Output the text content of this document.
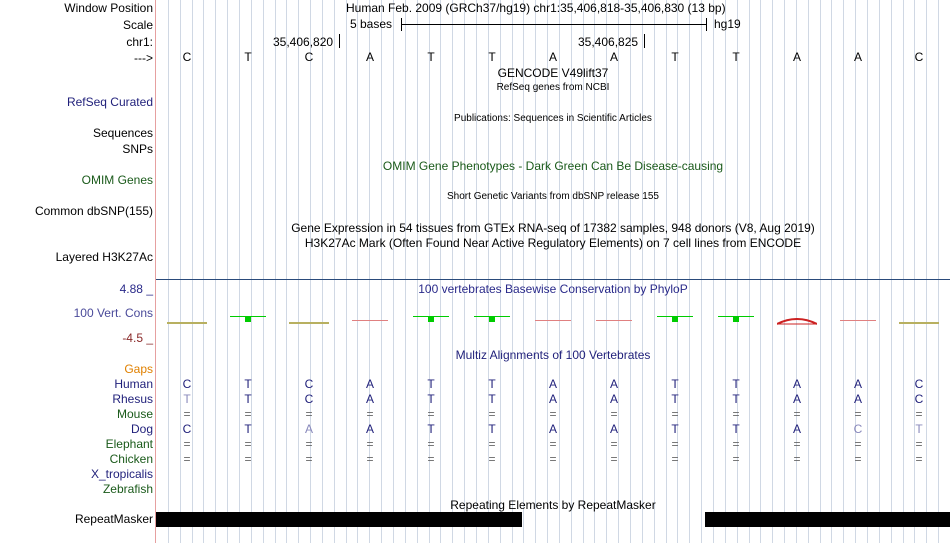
Window Position	Human Feb. 2009 (GRCh37/hg19) chr1:35,406,818-35,406,830 (13 bp)
Scale	5 bases	hg19
chr1:	35,406,820	35,406,825
--->	C	T	C	A	T	T	A	A	T	T	A	A	C
GENCODE V49lift37
RefSeq genes from NCBI
RefSeq Curated
Publications: Sequences in Scientific Articles
Sequences
SNPs
OMIM Gene Phenotypes - Dark Green Can Be Disease-causing
OMIM Genes
Short Genetic Variants from dbSNP release 155
Common dbSNP(155)
Gene Expression in 54 tissues from GTEx RNA-seq of 17382 samples, 948 donors (V8, Aug 2019)
H3K27Ac Mark (Often Found Near Active Regulatory Elements) on 7 cell lines from ENCODE
Layered H3K27Ac
4.88 _	100 vertebrates Basewise Conservation by PhyloP
100 Vert. Cons
-4.5 _
Multiz Alignments of 100 Vertebrates
Gaps
Human	C	T	C	A	T	T	A	A	T	T	A	A	C
Rhesus	T	T	C	A	T	T	A	A	T	T	A	A	C
Mouse	=	=	=	=	=	=	=	=	=	=	=	=	=
Dog	C	T	A	A	T	T	A	A	T	T	A	C	T
Elephant	=	=	=	=	=	=	=	=	=	=	=	=	=
Chicken	=	=	=	=	=	=	=	=	=	=	=	=	=
X_tropicalis
Zebrafish
Repeating Elements by RepeatMasker
RepeatMasker
